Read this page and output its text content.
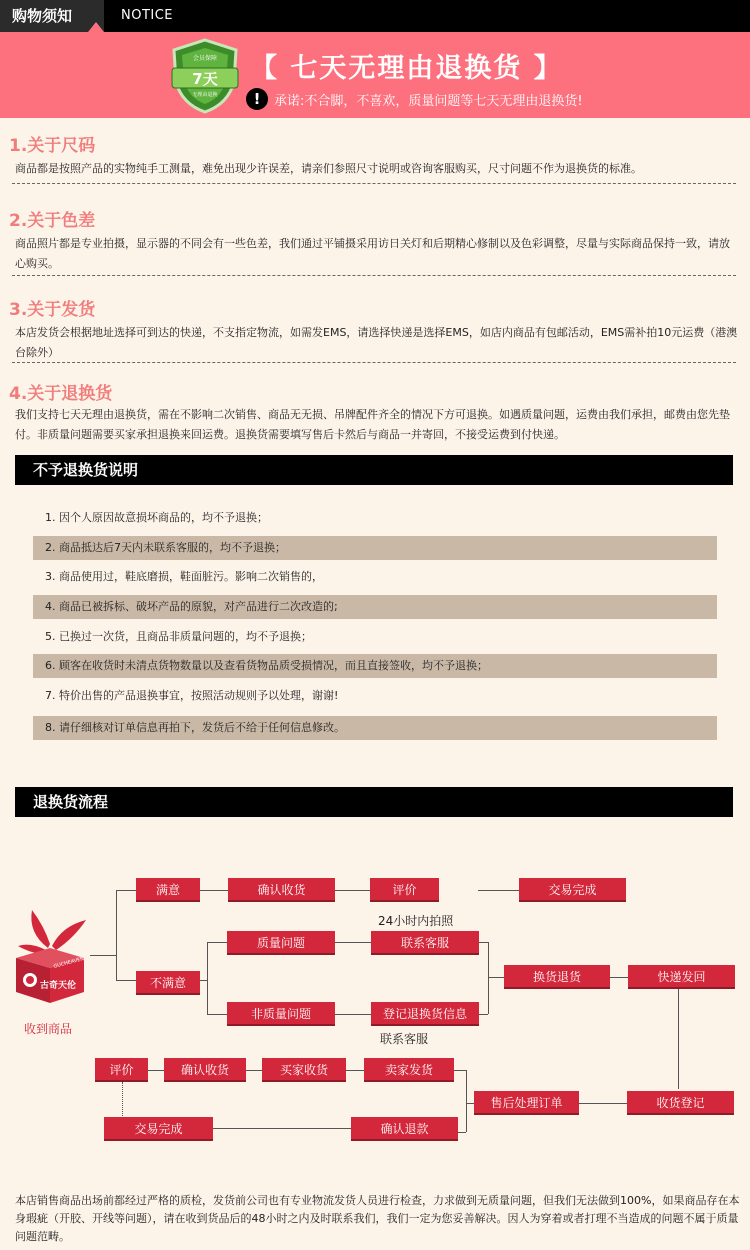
购物须知	NOTICE
会员保障
7天
无理由退换
【 七天无理由退换货 】
!	承诺:不合脚，不喜欢，质量问题等七天无理由退换货!
1.关于尺码
商品都是按照产品的实物纯手工测量，难免出现少许误差，请亲们参照尺寸说明或咨询客服购买，尺寸问题不作为退换货的标准。
2.关于色差
商品照片都是专业拍摄，显示器的不同会有一些色差，我们通过平铺摄采用访日关灯和后期精心修制以及色彩调整，尽量与实际商品保持一致，请放心购买。
3.关于发货
本店发货会根据地址选择可到达的快递，不支指定物流，如需发EMS，请选择快递是选择EMS，如店内商品有包邮活动，EMS需补拍10元运费（港澳台除外）
4.关于退换货
我们支持七天无理由退换货，需在不影响二次销售、商品无无损、吊牌配件齐全的情况下方可退换。如遇质量问题，运费由我们承担，邮费由您先垫付。非质量问题需要买家承担退换来回运费。退换货需要填写售后卡然后与商品一并寄回，不接受运费到付快递。
不予退换货说明
1. 因个人原因故意损坏商品的，均不予退换；
2. 商品抵达后7天内未联系客服的，均不予退换；
3. 商品使用过，鞋底磨损，鞋面脏污。影响二次销售的，
4. 商品已被拆标、破坏产品的原貌，对产品进行二次改造的;
5. 已换过一次货，且商品非质量问题的，均不予退换；
6. 顾客在收货时未清点货物数量以及查看货物品质受损情况，而且直接签收，均不予退换；
7. 特价出售的产品退换事宜，按照活动规则予以处理，谢谢!
8. 请仔细核对订单信息再拍下，发货后不给于任何信息修改。
退换货流程
GUCHEAVEN
古奇天伦
收到商品
满意	确认收货	评价	交易完成
24小时内拍照
质量问题	联系客服
不满意
非质量问题	登记退换货信息
联系客服
换货退货	快递发回
评价	确认收货	买家收货	卖家发货
售后处理订单	收货登记
交易完成	确认退款
本店销售商品出场前都经过严格的质检，发货前公司也有专业物流发货人员进行检查，力求做到无质量问题，但我们无法做到100%，如果商品存在本身瑕疵（开胶、开线等问题），请在收到货品后的48小时之内及时联系我们，我们一定为您妥善解决。因人为穿着或者打理不当造成的问题不属于质量问题范畴。
